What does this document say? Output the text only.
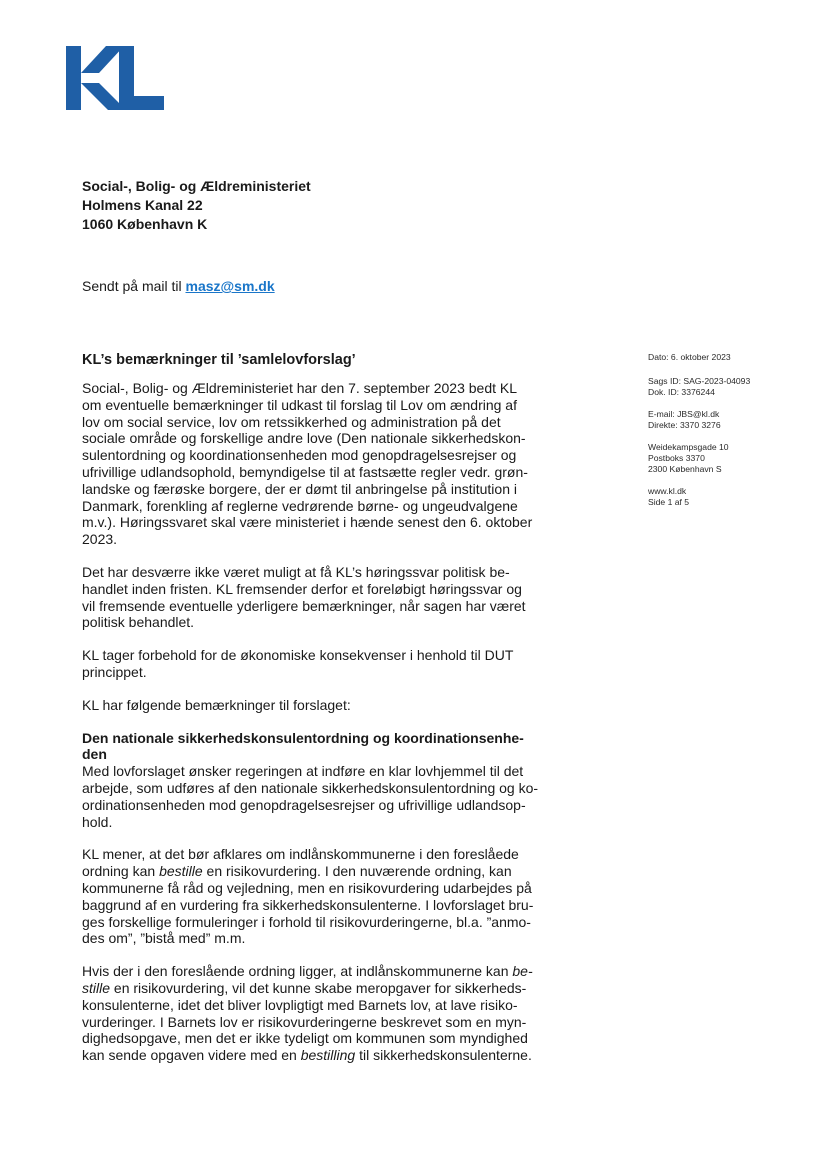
Social-, Bolig- og Ældreministeriet
Holmens Kanal 22
1060 København K
Sendt på mail til masz@sm.dk
KL’s bemærkninger til ’samlelovforslag’

Social-, Bolig- og Ældreministeriet har den 7. september 2023 bedt KL
om eventuelle bemærkninger til udkast til forslag til Lov om ændring af
lov om social service, lov om retssikkerhed og administration på det
sociale område og forskellige andre love (Den nationale sikkerhedskon-
sulentordning og koordinationsenheden mod genopdragelsesrejser og
ufrivillige udlandsophold, bemyndigelse til at fastsætte regler vedr. grøn-
landske og færøske borgere, der er dømt til anbringelse på institution i
Danmark, forenkling af reglerne vedrørende børne- og ungeudvalgene
m.v.). Høringssvaret skal være ministeriet i hænde senest den 6. oktober
2023.

Det har desværre ikke været muligt at få KL’s høringssvar politisk be-
handlet inden fristen. KL fremsender derfor et foreløbigt høringssvar og
vil fremsende eventuelle yderligere bemærkninger, når sagen har været
politisk behandlet.

KL tager forbehold for de økonomiske konsekvenser i henhold til DUT
princippet.

KL har følgende bemærkninger til forslaget:

Den nationale sikkerhedskonsulentordning og koordinationsenhe-
den

Med lovforslaget ønsker regeringen at indføre en klar lovhjemmel til det
arbejde, som udføres af den nationale sikkerhedskonsulentordning og ko-
ordinationsenheden mod genopdragelsesrejser og ufrivillige udlandsop-
hold.

KL mener, at det bør afklares om indlånskommunerne i den foreslåede
ordning kan bestille en risikovurdering. I den nuværende ordning, kan
kommunerne få råd og vejledning, men en risikovurdering udarbejdes på
baggrund af en vurdering fra sikkerhedskonsulenterne. I lovforslaget bru-
ges forskellige formuleringer i forhold til risikovurderingerne, bl.a. ”anmo-
des om”, ”bistå med” m.m.

Hvis der i den foreslående ordning ligger, at indlånskommunerne kan be-
stille en risikovurdering, vil det kunne skabe meropgaver for sikkerheds-
konsulenterne, idet det bliver lovpligtigt med Barnets lov, at lave risiko-
vurderinger. I Barnets lov er risikovurderingerne beskrevet som en myn-
dighedsopgave, men det er ikke tydeligt om kommunen som myndighed
kan sende opgaven videre med en bestilling til sikkerhedskonsulenterne.

Dato: 6. oktober 2023
Sags ID: SAG-2023-04093
Dok. ID: 3376244
E-mail: JBS@kl.dk
Direkte: 3370 3276
Weidekampsgade 10
Postboks 3370
2300 København S
www.kl.dk
Side 1 af 5
